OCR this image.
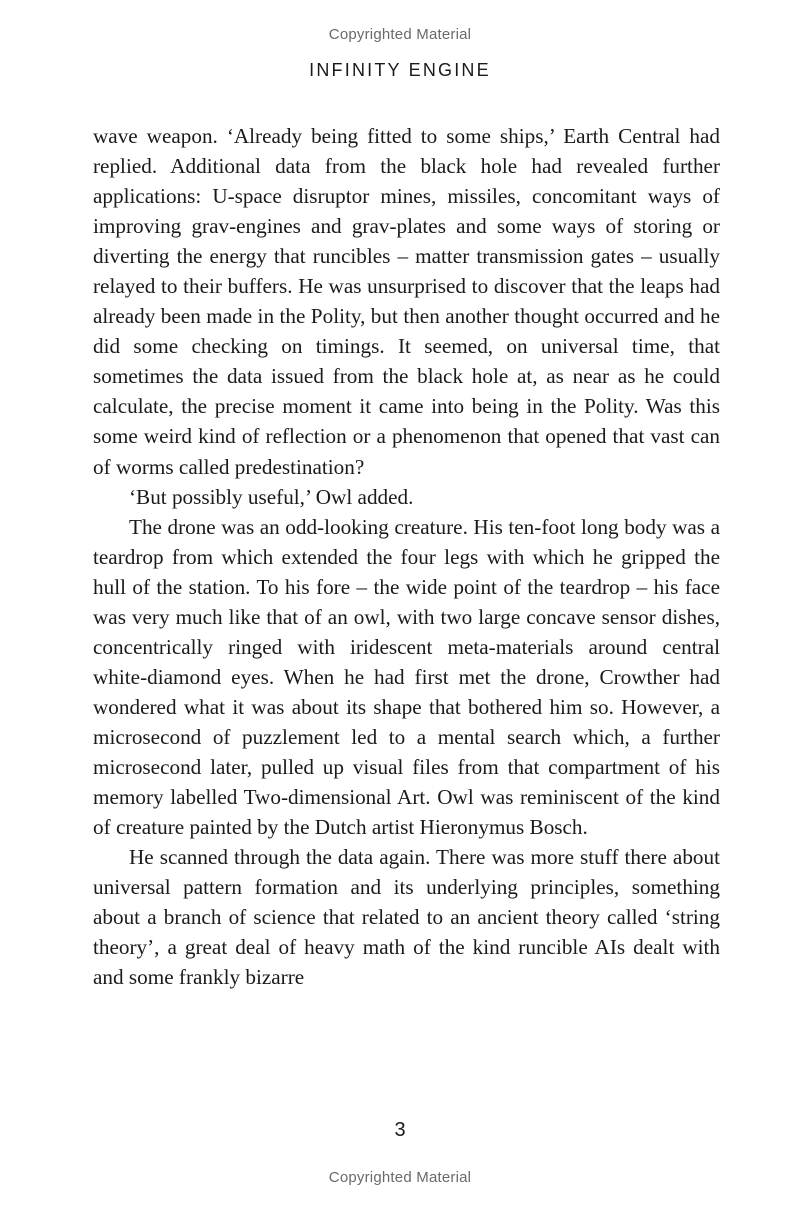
Copyrighted Material
INFINITY ENGINE

wave weapon. ‘Already being fitted to some ships,’ Earth Central had replied. Additional data from the black hole had revealed further applications: U-space disruptor mines, missiles, concomitant ways of improving grav-engines and grav-plates and some ways of storing or diverting the energy that runcibles – matter transmission gates – usually relayed to their buffers. He was unsurprised to discover that the leaps had already been made in the Polity, but then another thought occurred and he did some checking on timings. It seemed, on universal time, that sometimes the data issued from the black hole at, as near as he could calculate, the precise moment it came into being in the Polity. Was this some weird kind of reflection or a phenomenon that opened that vast can of worms called predestination?

‘But possibly useful,’ Owl added.

The drone was an odd-looking creature. His ten-foot long body was a teardrop from which extended the four legs with which he gripped the hull of the station. To his fore – the wide point of the teardrop – his face was very much like that of an owl, with two large concave sensor dishes, concentrically ringed with iridescent meta-materials around central white-diamond eyes. When he had first met the drone, Crowther had wondered what it was about its shape that bothered him so. However, a microsecond of puzzlement led to a mental search which, a further microsecond later, pulled up visual files from that compartment of his memory labelled Two-dimensional Art. Owl was reminiscent of the kind of creature painted by the Dutch artist Hieronymus Bosch.

He scanned through the data again. There was more stuff there about universal pattern formation and its underlying principles, something about a branch of science that related to an ancient theory called ‘string theory’, a great deal of heavy math of the kind runcible AIs dealt with and some frankly bizarre

3
Copyrighted Material
